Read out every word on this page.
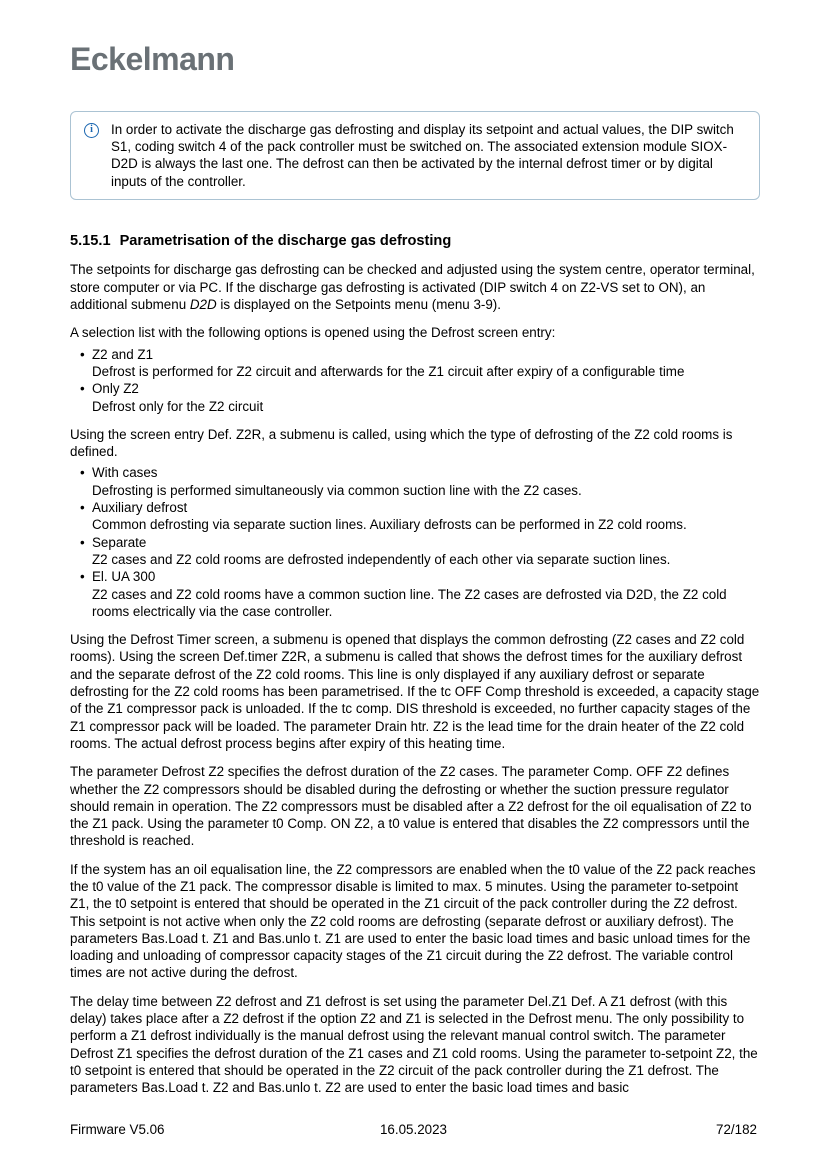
Eckelmann
i In order to activate the discharge gas defrosting and display its setpoint and actual values, the DIP switch S1, coding switch 4 of the pack controller must be switched on. The associated extension module SIOX-D2D is always the last one. The defrost can then be activated by the internal defrost timer or by digital inputs of the controller.
5.15.1 Parametrisation of the discharge gas defrosting

The setpoints for discharge gas defrosting can be checked and adjusted using the system centre, operator terminal, store computer or via PC. If the discharge gas defrosting is activated (DIP switch 4 on Z2-VS set to ON), an additional submenu D2D is displayed on the Setpoints menu (menu 3-9).

A selection list with the following options is opened using the Defrost screen entry:

• Z2 and Z1
Defrost is performed for Z2 circuit and afterwards for the Z1 circuit after expiry of a configurable time
• Only Z2
Defrost only for the Z2 circuit

Using the screen entry Def. Z2R, a submenu is called, using which the type of defrosting of the Z2 cold rooms is defined.

• With cases
Defrosting is performed simultaneously via common suction line with the Z2 cases.
• Auxiliary defrost
Common defrosting via separate suction lines. Auxiliary defrosts can be performed in Z2 cold rooms.
• Separate
Z2 cases and Z2 cold rooms are defrosted independently of each other via separate suction lines.
• El. UA 300
Z2 cases and Z2 cold rooms have a common suction line. The Z2 cases are defrosted via D2D, the Z2 cold rooms electrically via the case controller.

Using the Defrost Timer screen, a submenu is opened that displays the common defrosting (Z2 cases and Z2 cold rooms). Using the screen Def.timer Z2R, a submenu is called that shows the defrost times for the auxiliary defrost and the separate defrost of the Z2 cold rooms. This line is only displayed if any auxiliary defrost or separate defrosting for the Z2 cold rooms has been parametrised. If the tc OFF Comp threshold is exceeded, a capacity stage of the Z1 compressor pack is unloaded. If the tc comp. DIS threshold is exceeded, no further capacity stages of the Z1 compressor pack will be loaded. The parameter Drain htr. Z2 is the lead time for the drain heater of the Z2 cold rooms. The actual defrost process begins after expiry of this heating time.

The parameter Defrost Z2 specifies the defrost duration of the Z2 cases. The parameter Comp. OFF Z2 defines whether the Z2 compressors should be disabled during the defrosting or whether the suction pressure regulator should remain in operation. The Z2 compressors must be disabled after a Z2 defrost for the oil equalisation of Z2 to the Z1 pack. Using the parameter t0 Comp. ON Z2, a t0 value is entered that disables the Z2 compressors until the threshold is reached.

If the system has an oil equalisation line, the Z2 compressors are enabled when the t0 value of the Z2 pack reaches the t0 value of the Z1 pack. The compressor disable is limited to max. 5 minutes. Using the parameter to-setpoint Z1, the t0 setpoint is entered that should be operated in the Z1 circuit of the pack controller during the Z2 defrost. This setpoint is not active when only the Z2 cold rooms are defrosting (separate defrost or auxiliary defrost). The parameters Bas.Load t. Z1 and Bas.unlo t. Z1 are used to enter the basic load times and basic unload times for the loading and unloading of compressor capacity stages of the Z1 circuit during the Z2 defrost. The variable control times are not active during the defrost.

The delay time between Z2 defrost and Z1 defrost is set using the parameter Del.Z1 Def. A Z1 defrost (with this delay) takes place after a Z2 defrost if the option Z2 and Z1 is selected in the Defrost menu. The only possibility to perform a Z1 defrost individually is the manual defrost using the relevant manual control switch. The parameter Defrost Z1 specifies the defrost duration of the Z1 cases and Z1 cold rooms. Using the parameter to-setpoint Z2, the t0 setpoint is entered that should be operated in the Z2 circuit of the pack controller during the Z1 defrost. The parameters Bas.Load t. Z2 and Bas.unlo t. Z2 are used to enter the basic load times and basic

Firmware V5.06	16.05.2023	72/182
